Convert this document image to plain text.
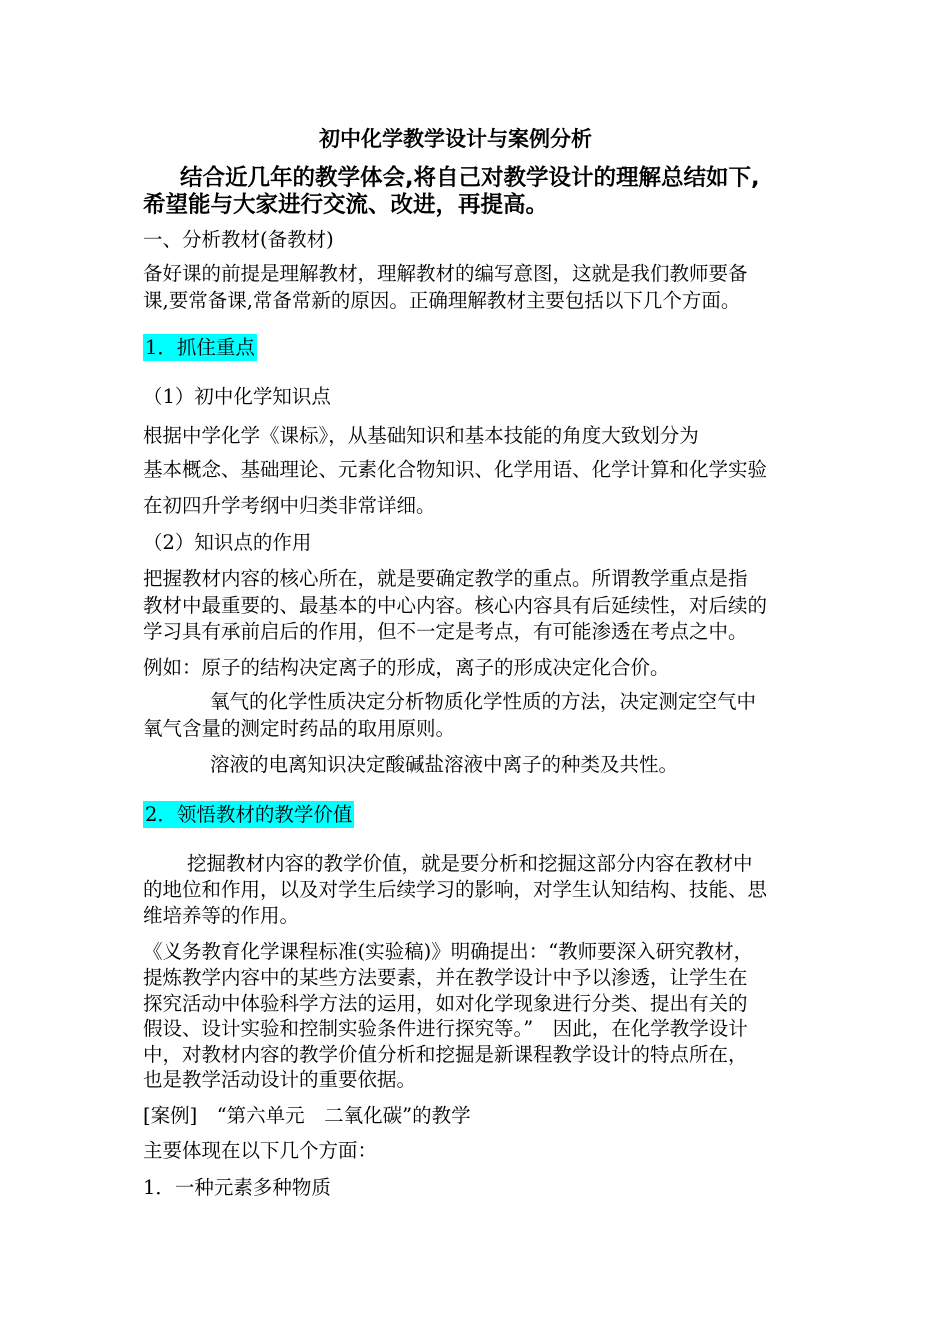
初中化学教学设计与案例分析
结合近几年的教学体会,将自己对教学设计的理解总结如下,
希望能与大家进行交流、改进，再提高。
一、分析教材(备教材)
备好课的前提是理解教材，理解教材的编写意图，这就是我们教师要备
课,要常备课,常备常新的原因。正确理解教材主要包括以下几个方面。
1．抓住重点
（1）初中化学知识点
根据中学化学《课标》，从基础知识和基本技能的角度大致划分为
基本概念、基础理论、元素化合物知识、化学用语、化学计算和化学实验
在初四升学考纲中归类非常详细。
（2）知识点的作用
把握教材内容的核心所在，就是要确定教学的重点。所谓教学重点是指
教材中最重要的、最基本的中心内容。核心内容具有后延续性，对后续的
学习具有承前启后的作用，但不一定是考点，有可能渗透在考点之中。
例如：原子的结构决定离子的形成，离子的形成决定化合价。
氧气的化学性质决定分析物质化学性质的方法，决定测定空气中
氧气含量的测定时药品的取用原则。
溶液的电离知识决定酸碱盐溶液中离子的种类及共性。
2．领悟教材的教学价值
挖掘教材内容的教学价值，就是要分析和挖掘这部分内容在教材中
的地位和作用，以及对学生后续学习的影响，对学生认知结构、技能、思
维培养等的作用。
《义务教育化学课程标准(实验稿)》明确提出：“教师要深入研究教材，
提炼教学内容中的某些方法要素，并在教学设计中予以渗透，让学生在
探究活动中体验科学方法的运用，如对化学现象进行分类、提出有关的
假设、设计实验和控制实验条件进行探究等。”　因此，在化学教学设计
中，对教材内容的教学价值分析和挖掘是新课程教学设计的特点所在，
也是教学活动设计的重要依据。
[案例]　“第六单元　二氧化碳”的教学
主要体现在以下几个方面：
1．一种元素多种物质
